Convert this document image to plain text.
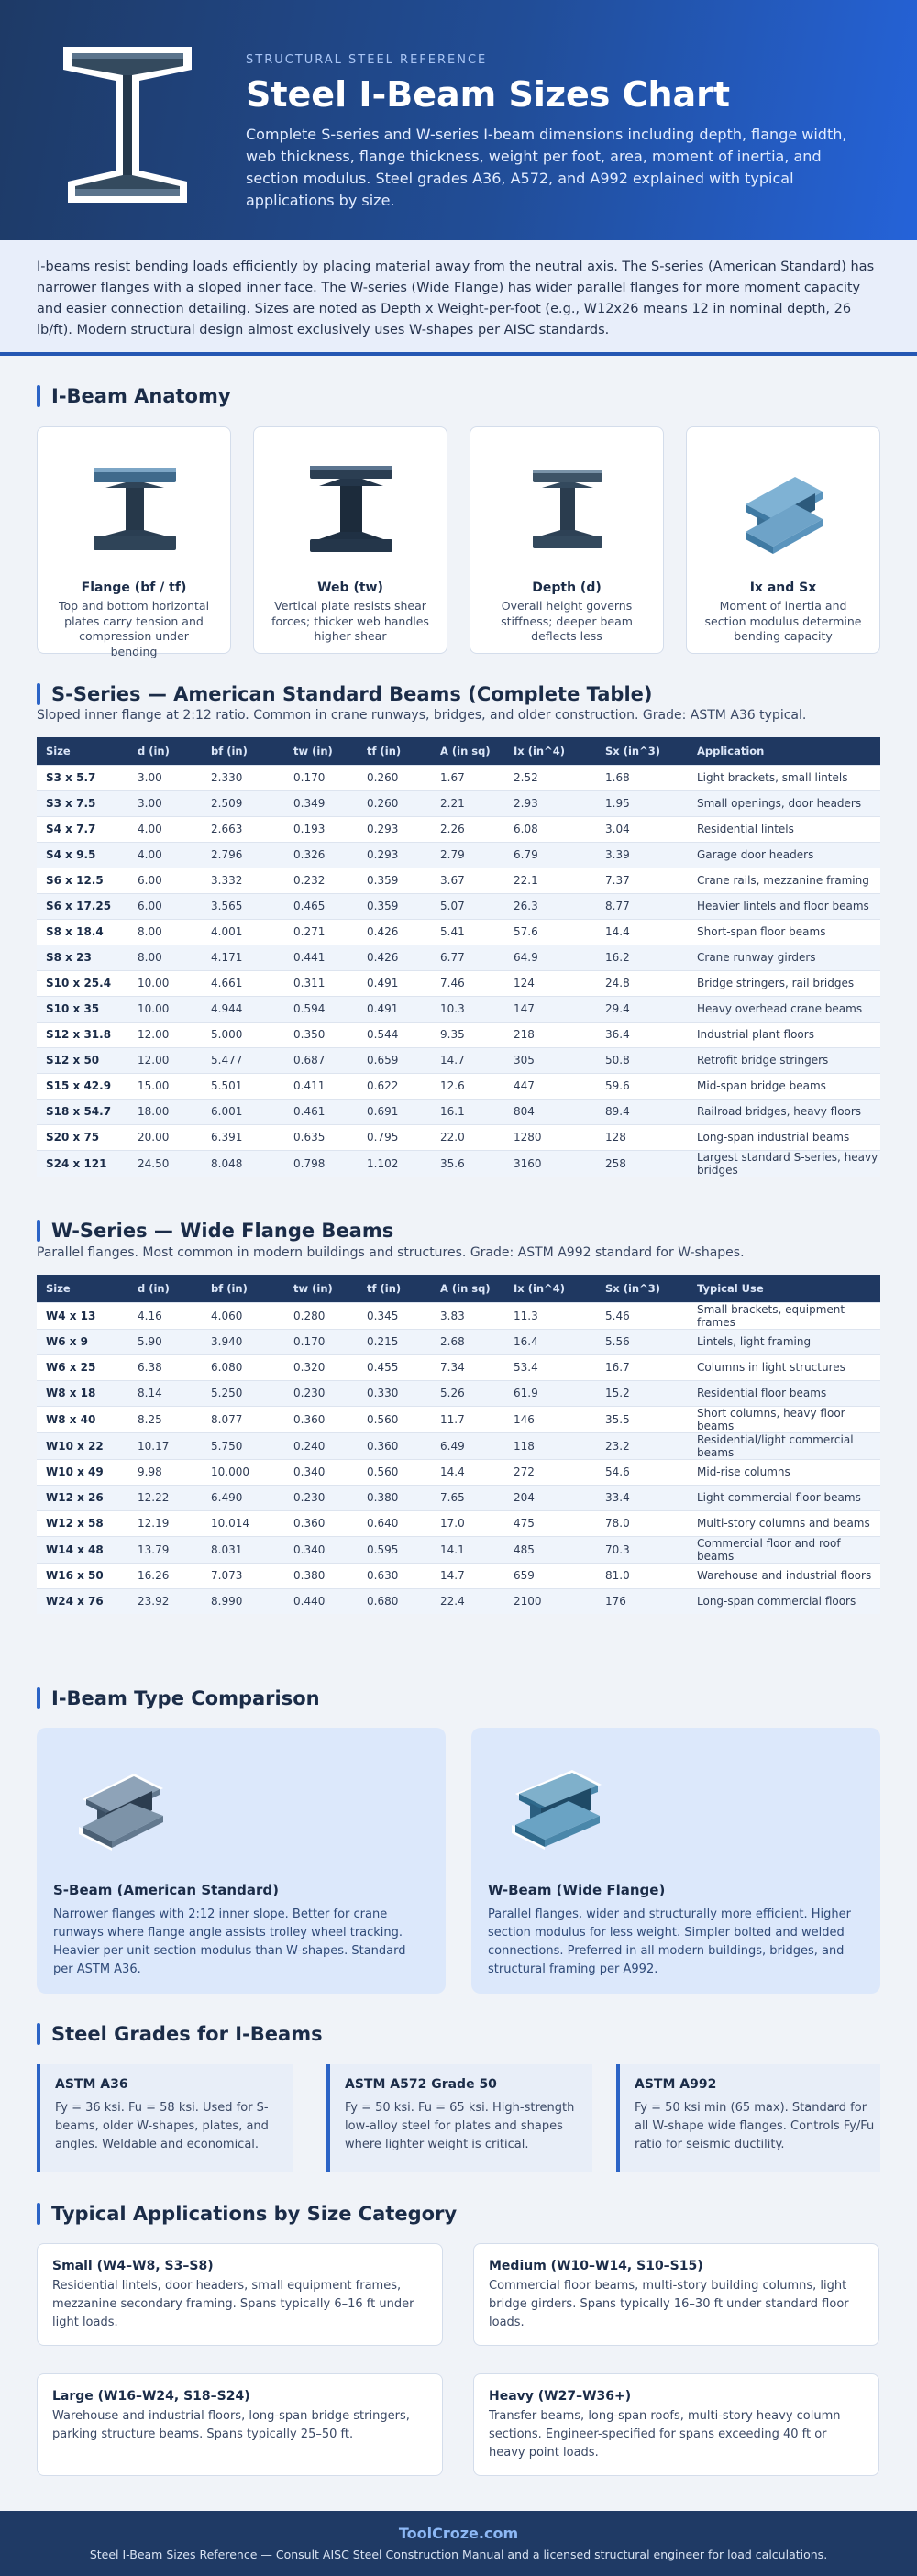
STRUCTURAL STEEL REFERENCE
Steel I-Beam Sizes Chart

Complete S-series and W-series I-beam dimensions including depth, flange width, web thickness, flange thickness, weight per foot, area, moment of inertia, and section modulus. Steel grades A36, A572, and A992 explained with typical applications by size.

I-beams resist bending loads efficiently by placing material away from the neutral axis. The S-series (American Standard) has narrower flanges with a sloped inner face. The W-series (Wide Flange) has wider parallel flanges for more moment capacity and easier connection detailing. Sizes are noted as Depth x Weight-per-foot (e.g., W12x26 means 12 in nominal depth, 26 lb/ft). Modern structural design almost exclusively uses W-shapes per AISC standards.

I-Beam Anatomy
Flange (bf / tf)

Top and bottom horizontal plates carry tension and compression under bending

Web (tw)

Vertical plate resists shear forces; thicker web handles higher shear

Depth (d)

Overall height governs stiffness; deeper beam deflects less

Ix and Sx

Moment of inertia and section modulus determine bending capacity

S-Series — American Standard Beams (Complete Table)
Sloped inner flange at 2:12 ratio. Common in crane runways, bridges, and older construction. Grade: ASTM A36 typical.
Size	d (in)	bf (in)	tw (in)	tf (in)	A (in sq)	Ix (in^4)	Sx (in^3)	Application
S3 x 5.7	3.00	2.330	0.170	0.260	1.67	2.52	1.68	Light brackets, small lintels
S3 x 7.5	3.00	2.509	0.349	0.260	2.21	2.93	1.95	Small openings, door headers
S4 x 7.7	4.00	2.663	0.193	0.293	2.26	6.08	3.04	Residential lintels
S4 x 9.5	4.00	2.796	0.326	0.293	2.79	6.79	3.39	Garage door headers
S6 x 12.5	6.00	3.332	0.232	0.359	3.67	22.1	7.37	Crane rails, mezzanine framing
S6 x 17.25	6.00	3.565	0.465	0.359	5.07	26.3	8.77	Heavier lintels and floor beams
S8 x 18.4	8.00	4.001	0.271	0.426	5.41	57.6	14.4	Short-span floor beams
S8 x 23	8.00	4.171	0.441	0.426	6.77	64.9	16.2	Crane runway girders
S10 x 25.4	10.00	4.661	0.311	0.491	7.46	124	24.8	Bridge stringers, rail bridges
S10 x 35	10.00	4.944	0.594	0.491	10.3	147	29.4	Heavy overhead crane beams
S12 x 31.8	12.00	5.000	0.350	0.544	9.35	218	36.4	Industrial plant floors
S12 x 50	12.00	5.477	0.687	0.659	14.7	305	50.8	Retrofit bridge stringers
S15 x 42.9	15.00	5.501	0.411	0.622	12.6	447	59.6	Mid-span bridge beams
S18 x 54.7	18.00	6.001	0.461	0.691	16.1	804	89.4	Railroad bridges, heavy floors
S20 x 75	20.00	6.391	0.635	0.795	22.0	1280	128	Long-span industrial beams
S24 x 121	24.50	8.048	0.798	1.102	35.6	3160	258	Largest standard S-series, heavy bridges
W-Series — Wide Flange Beams
Parallel flanges. Most common in modern buildings and structures. Grade: ASTM A992 standard for W-shapes.
Size	d (in)	bf (in)	tw (in)	tf (in)	A (in sq)	Ix (in^4)	Sx (in^3)	Typical Use
W4 x 13	4.16	4.060	0.280	0.345	3.83	11.3	5.46	Small brackets, equipment frames
W6 x 9	5.90	3.940	0.170	0.215	2.68	16.4	5.56	Lintels, light framing
W6 x 25	6.38	6.080	0.320	0.455	7.34	53.4	16.7	Columns in light structures
W8 x 18	8.14	5.250	0.230	0.330	5.26	61.9	15.2	Residential floor beams
W8 x 40	8.25	8.077	0.360	0.560	11.7	146	35.5	Short columns, heavy floor beams
W10 x 22	10.17	5.750	0.240	0.360	6.49	118	23.2	Residential/light commercial beams
W10 x 49	9.98	10.000	0.340	0.560	14.4	272	54.6	Mid-rise columns
W12 x 26	12.22	6.490	0.230	0.380	7.65	204	33.4	Light commercial floor beams
W12 x 58	12.19	10.014	0.360	0.640	17.0	475	78.0	Multi-story columns and beams
W14 x 48	13.79	8.031	0.340	0.595	14.1	485	70.3	Commercial floor and roof beams
W16 x 50	16.26	7.073	0.380	0.630	14.7	659	81.0	Warehouse and industrial floors
W24 x 76	23.92	8.990	0.440	0.680	22.4	2100	176	Long-span commercial floors
I-Beam Type Comparison
S-Beam (American Standard)

Narrower flanges with 2:12 inner slope. Better for crane runways where flange angle assists trolley wheel tracking. Heavier per unit section modulus than W-shapes. Standard per ASTM A36.

W-Beam (Wide Flange)

Parallel flanges, wider and structurally more efficient. Higher section modulus for less weight. Simpler bolted and welded connections. Preferred in all modern buildings, bridges, and structural framing per A992.

Steel Grades for I-Beams
ASTM A36

Fy = 36 ksi. Fu = 58 ksi. Used for S-beams, older W-shapes, plates, and angles. Weldable and economical.

ASTM A572 Grade 50

Fy = 50 ksi. Fu = 65 ksi. High-strength low-alloy steel for plates and shapes where lighter weight is critical.

ASTM A992

Fy = 50 ksi min (65 max). Standard for all W-shape wide flanges. Controls Fy/Fu ratio for seismic ductility.

Typical Applications by Size Category
Small (W4–W8, S3–S8)

Residential lintels, door headers, small equipment frames, mezzanine secondary framing. Spans typically 6–16 ft under light loads.

Medium (W10–W14, S10–S15)

Commercial floor beams, multi-story building columns, light bridge girders. Spans typically 16–30 ft under standard floor loads.

Large (W16–W24, S18–S24)

Warehouse and industrial floors, long-span bridge stringers, parking structure beams. Spans typically 25–50 ft.

Heavy (W27–W36+)

Transfer beams, long-span roofs, multi-story heavy column sections. Engineer-specified for spans exceeding 40 ft or heavy point loads.

ToolCroze.com
Steel I-Beam Sizes Reference — Consult AISC Steel Construction Manual and a licensed structural engineer for load calculations.
